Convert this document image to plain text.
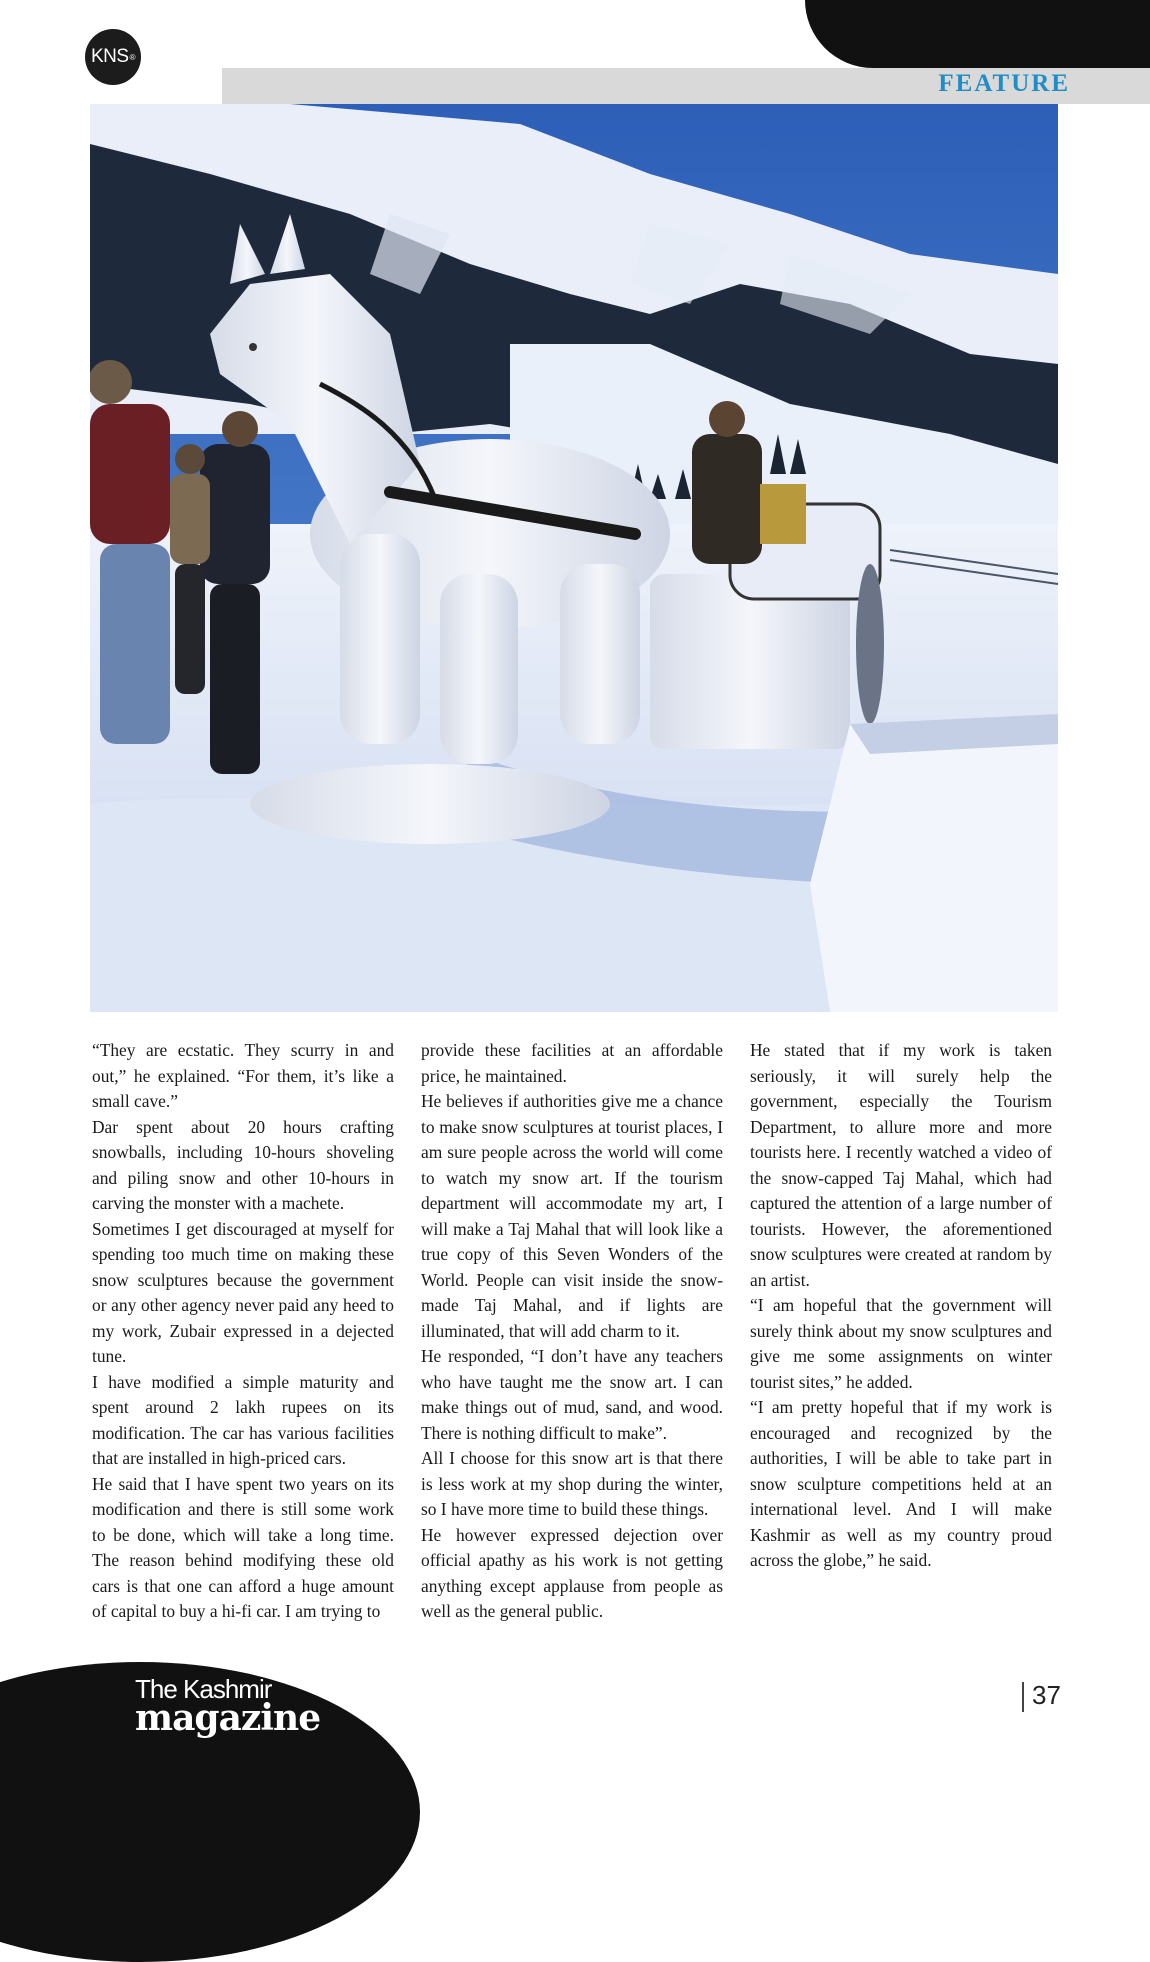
KNS ®
FEATURE

“They are ecstatic. They scurry in and out,” he explained. “For them, it’s like a small cave.”

Dar spent about 20 hours crafting snowballs, including 10-hours shoveling and piling snow and other 10-hours in carving the monster with a machete.

Sometimes I get discouraged at myself for spending too much time on making these snow sculptures because the government or any other agency never paid any heed to my work, Zubair expressed in a dejected tune.

I have modified a simple maturity and spent around 2 lakh rupees on its modification. The car has various facilities that are installed in high-priced cars.

He said that I have spent two years on its modification and there is still some work to be done, which will take a long time. The reason behind modifying these old cars is that one can afford a huge amount of capital to buy a hi-fi car. I am trying to

provide these facilities at an affordable price, he maintained.

He believes if authorities give me a chance to make snow sculptures at tourist places, I am sure people across the world will come to watch my snow art. If the tourism department will accommodate my art, I will make a Taj Mahal that will look like a true copy of this Seven Wonders of the World. People can visit inside the snow-made Taj Mahal, and if lights are illuminated, that will add charm to it.

He responded, “I don’t have any teachers who have taught me the snow art. I can make things out of mud, sand, and wood. There is nothing difficult to make”.

All I choose for this snow art is that there is less work at my shop during the winter, so I have more time to build these things.

He however expressed dejection over official apathy as his work is not getting anything except applause from people as well as the general public.

He stated that if my work is taken seriously, it will surely help the government, especially the Tourism Department, to allure more and more tourists here. I recently watched a video of the snow-capped Taj Mahal, which had captured the attention of a large number of tourists. However, the aforementioned snow sculptures were created at random by an artist.

“I am hopeful that the government will surely think about my snow sculptures and give me some assignments on winter tourist sites,” he added.

“I am pretty hopeful that if my work is encouraged and recognized by the authorities, I will be able to take part in snow sculpture competitions held at an international level. And I will make Kashmir as well as my country proud across the globe,” he said.

The Kashmir
magazine
37
